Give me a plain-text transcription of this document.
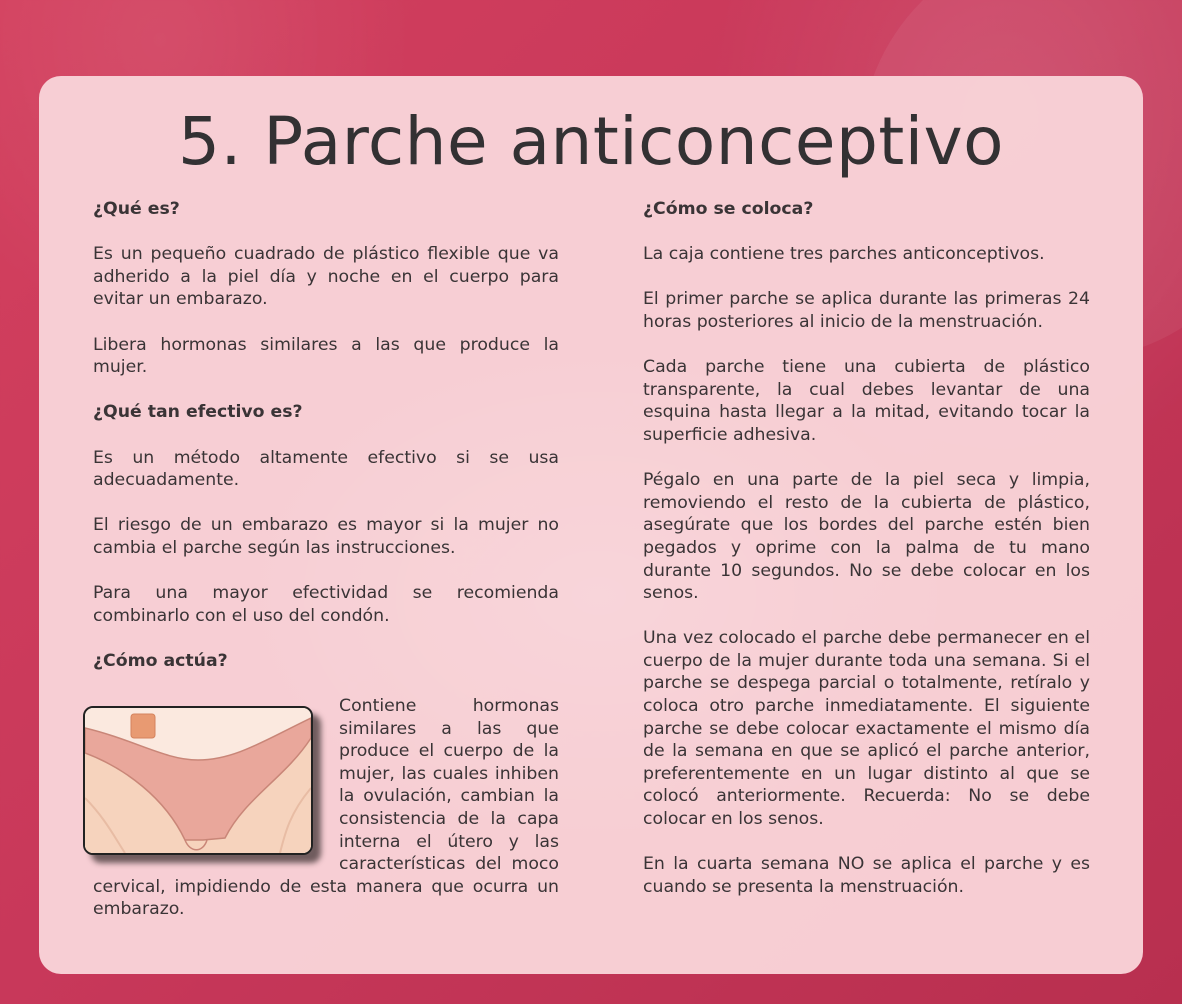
5. Parche anticonceptivo
¿Qué es?

Es un pequeño cuadrado de plástico flexible que va adherido a la piel día y noche en el cuerpo para evitar un embarazo.

Libera hormonas similares a las que produce la mujer.

¿Qué tan efectivo es?

Es un método altamente efectivo si se usa adecuadamente.

El riesgo de un embarazo es mayor si la mujer no cambia el parche según las instrucciones.

Para una mayor efectividad se recomienda combinarlo con el uso del condón.

¿Cómo actúa?

Contiene hormonas similares a las que produce el cuerpo de la mujer, las cuales inhiben la ovulación, cambian la consistencia de la capa interna el útero y las características del moco cervical, impidiendo de esta manera que ocurra un embarazo.

¿Cómo se coloca?

La caja contiene tres parches anticonceptivos.

El primer parche se aplica durante las primeras 24 horas posteriores al inicio de la menstruación.

Cada parche tiene una cubierta de plástico transparente, la cual debes levantar de una esquina hasta llegar a la mitad, evitando tocar la superficie adhesiva.

Pégalo en una parte de la piel seca y limpia, removiendo el resto de la cubierta de plástico, asegúrate que los bordes del parche estén bien pegados y oprime con la palma de tu mano durante 10 segundos. No se debe colocar en los senos.

Una vez colocado el parche debe permanecer en el cuerpo de la mujer durante toda una semana. Si el parche se despega parcial o totalmente, retíralo y coloca otro parche inmediatamente. El siguiente parche se debe colocar exactamente el mismo día de la semana en que se aplicó el parche anterior, preferentemente en un lugar distinto al que se colocó anteriormente. Recuerda: No se debe colocar en los senos.

En la cuarta semana NO se aplica el parche y es cuando se presenta la menstruación.
